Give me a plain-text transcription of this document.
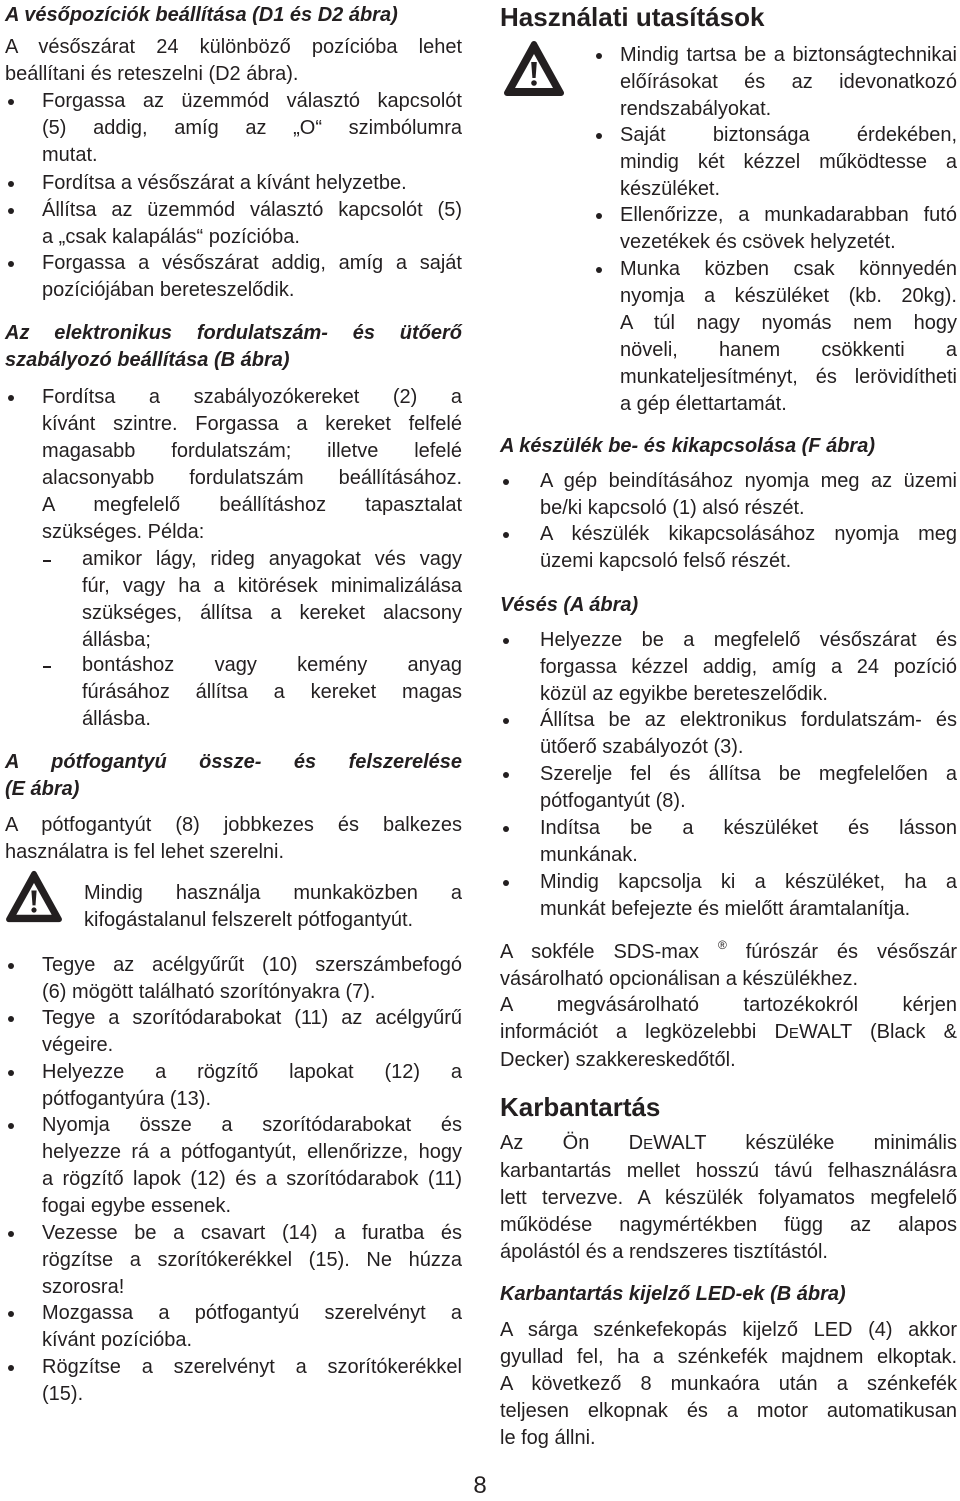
A vésőpozíciók beállítása (D1 és D2 ábra)
A vésőszárat 24 különböző pozícióba lehet
beállítani és reteszelni (D2 ábra).
Forgassa az üzemmód választó kapcsolót
(5) addig, amíg az „O“ szimbólumra
mutat.
Fordítsa a vésőszárat a kívánt helyzetbe.
Állítsa az üzemmód választó kapcsolót (5)
a „csak kalapálás“ pozícióba.
Forgassa a vésőszárat addig, amíg a saját
pozíciójában bereteszelődik.
Az elektronikus fordulatszám- és ütőerő
szabályozó beállítása (B ábra)
Fordítsa a szabályozókereket (2) a
kívánt szintre. Forgassa a kereket felfelé
magasabb fordulatszám; illetve lefelé
alacsonyabb fordulatszám beállításához.
A megfelelő beállításhoz tapasztalat
szükséges. Példa:
amikor lágy, rideg anyagokat vés vagy
fúr, vagy ha a kitörések minimalizálása
szükséges, állítsa a kereket alacsony
állásba;
bontáshoz vagy kemény anyag
fúrásához állítsa a kereket magas
állásba.
A pótfogantyú össze- és felszerelése
(E ábra)
A pótfogantyút (8) jobbkezes és balkezes
használatra is fel lehet szerelni.
Mindig használja munkaközben a
kifogástalanul felszerelt pótfogantyút.
Tegye az acélgyűrűt (10) szerszámbefogó
(6) mögött található szorítónyakra (7).
Tegye a szorítódarabokat (11) az acélgyűrű
végeire.
Helyezze a rögzítő lapokat (12) a
pótfogantyúra (13).
Nyomja össze a szorítódarabokat és
helyezze rá a pótfogantyút, ellenőrizze, hogy
a rögzítő lapok (12) és a szorítódarabok (11)
fogai egybe essenek.
Vezesse be a csavart (14) a furatba és
rögzítse a szorítókerékkel (15). Ne húzza
szorosra!
Mozgassa a pótfogantyú szerelvényt a
kívánt pozícióba.
Rögzítse a szerelvényt a szorítókerékkel
(15).
Használati utasítások
Mindig tartsa be a biztonságtechnikai
előírásokat és az idevonatkozó
rendszabályokat.
Saját biztonsága érdekében,
mindig két kézzel működtesse a
készüléket.
Ellenőrizze, a munkadarabban futó
vezetékek és csövek helyzetét.
Munka közben csak könnyedén
nyomja a készüléket (kb. 20kg).
A túl nagy nyomás nem hogy
növeli, hanem csökkenti a
munkateljesítményt, és lerövidítheti
a gép élettartamát.
A készülék be- és kikapcsolása (F ábra)
A gép beindításához nyomja meg az üzemi
be/ki kapcsoló (1) alsó részét.
A készülék kikapcsolásához nyomja meg
üzemi kapcsoló felső részét.
Vésés (A ábra)
Helyezze be a megfelelő vésőszárat és
forgassa kézzel addig, amíg a 24 pozíció
közül az egyikbe bereteszelődik.
Állítsa be az elektronikus fordulatszám- és
ütőerő szabályozót (3).
Szerelje fel és állítsa be megfelelően a
pótfogantyút (8).
Indítsa be a készüléket és lásson
munkának.
Mindig kapcsolja ki a készüléket, ha a
munkát befejezte és mielőtt áramtalanítja.
A sokféle SDS-max ® fúrószár és vésőszár
vásárolható opcionálisan a készülékhez.
A megvásárolható tartozékokról kérjen
információt a legközelebbi DEWALT (Black &
Decker) szakkereskedőtől.
Karbantartás
Az Ön DEWALT készüléke minimális
karbantartás mellet hosszú távú felhasználásra
lett tervezve. A készülék folyamatos megfelelő
működése nagymértékben függ az alapos
ápolástól és a rendszeres tisztítástól.
Karbantartás kijelző LED-ek (B ábra)
A sárga szénkefekopás kijelző LED (4) akkor
gyullad fel, ha a szénkefék majdnem elkoptak.
A következő 8 munkaóra után a szénkefék
teljesen elkopnak és a motor automatikusan
le fog állni.
8
